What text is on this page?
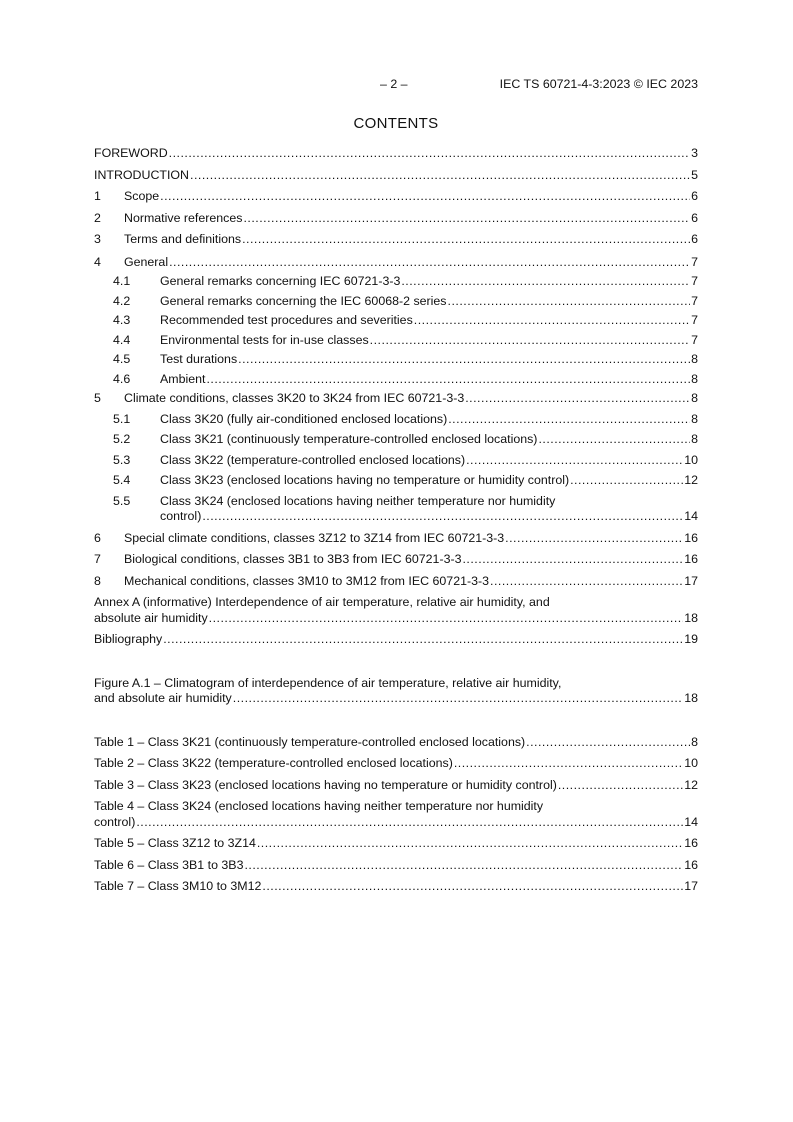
– 2 –	IEC TS 60721-4-3:2023 © IEC 2023
CONTENTS
FOREWORD .....	3
INTRODUCTION .....	5
1	Scope .....	6
2	Normative references .....	6
3	Terms and definitions .....	6
4	General .....	7
4.1	General remarks concerning IEC 60721-3-3 .....	7
4.2	General remarks concerning the IEC 60068-2 series .....	7
4.3	Recommended test procedures and severities .....	7
4.4	Environmental tests for in-use classes .....	7
4.5	Test durations .....	8
4.6	Ambient .....	8
5	Climate conditions, classes 3K20 to 3K24 from IEC 60721-3-3 .....	8
5.1	Class 3K20 (fully air-conditioned enclosed locations) .....	8
5.2	Class 3K21 (continuously temperature-controlled enclosed locations) .....	8
5.3	Class 3K22 (temperature-controlled enclosed locations) .....	10
5.4	Class 3K23 (enclosed locations having no temperature or humidity control) .....	12
5.5	Class 3K24 (enclosed locations having neither temperature nor humidity
control) .....	14
6	Special climate conditions, classes 3Z12 to 3Z14 from IEC 60721-3-3 .....	16
7	Biological conditions, classes 3B1 to 3B3 from IEC 60721-3-3 .....	16
8	Mechanical conditions, classes 3M10 to 3M12 from IEC 60721-3-3 .....	17
Annex A (informative) Interdependence of air temperature, relative air humidity, and
absolute air humidity .....	18
Bibliography .....	19
Figure A.1 – Climatogram of interdependence of air temperature, relative air humidity,
and absolute air humidity .....	18
Table 1 – Class 3K21 (continuously temperature-controlled enclosed locations) .....	8
Table 2 – Class 3K22 (temperature-controlled enclosed locations) .....	10
Table 3 – Class 3K23 (enclosed locations having no temperature or humidity control) .....	12
Table 4 – Class 3K24 (enclosed locations having neither temperature nor humidity
control) .....	14
Table 5 – Class 3Z12 to 3Z14 .....	16
Table 6 – Class 3B1 to 3B3 .....	16
Table 7 – Class 3M10 to 3M12 .....	17
